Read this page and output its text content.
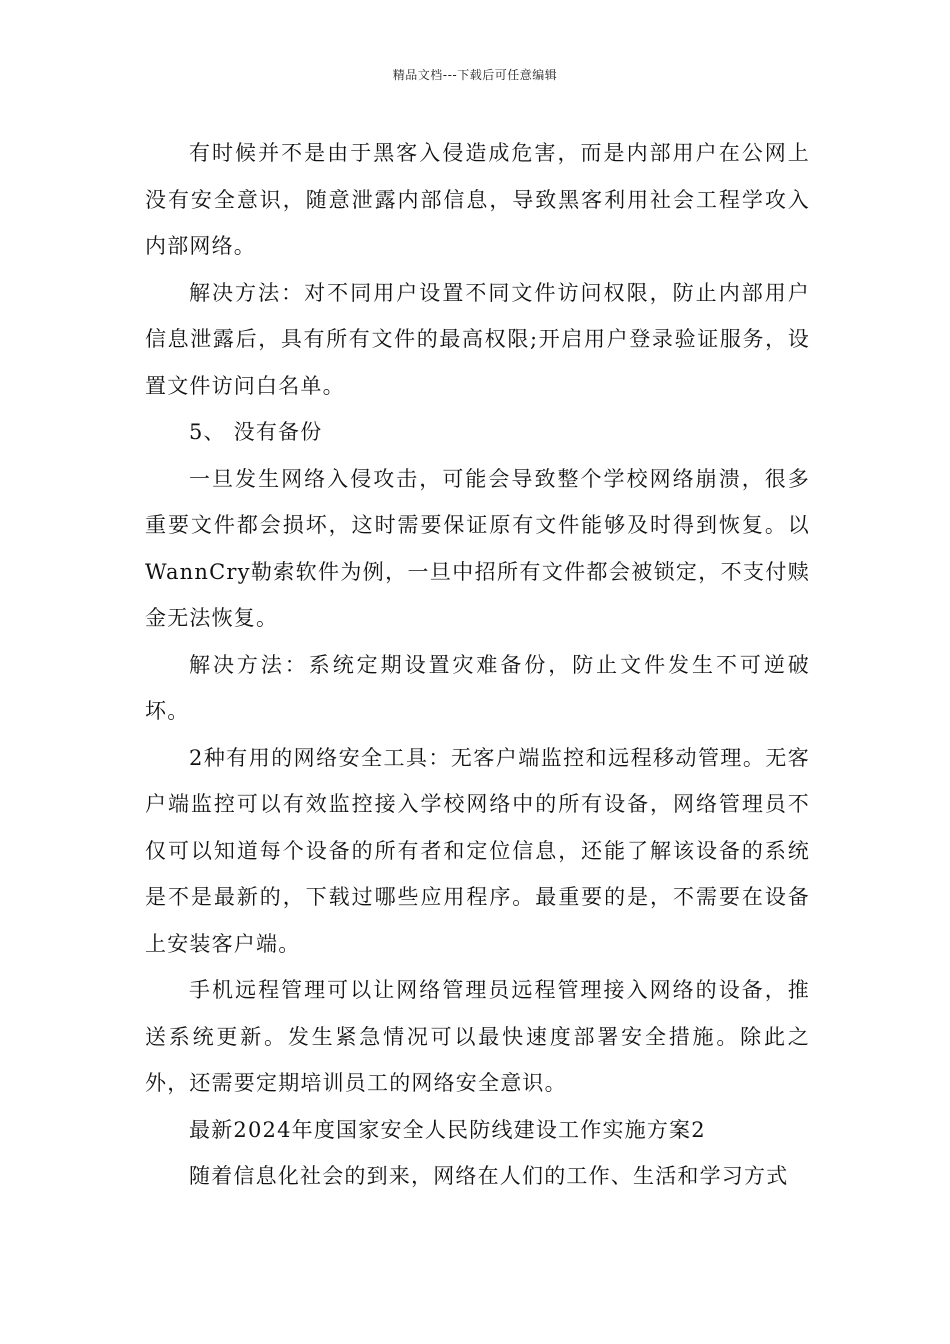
精品文档---下载后可任意编辑

有时候并不是由于黑客入侵造成危害，而是内部用户在公网上没有安全意识，随意泄露内部信息，导致黑客利用社会工程学攻入内部网络。

解决方法：对不同用户设置不同文件访问权限，防止内部用户信息泄露后，具有所有文件的最高权限;开启用户登录验证服务，设置文件访问白名单。

5、 没有备份

一旦发生网络入侵攻击，可能会导致整个学校网络崩溃，很多重要文件都会损坏，这时需要保证原有文件能够及时得到恢复。以WannCry勒索软件为例，一旦中招所有文件都会被锁定，不支付赎金无法恢复。

解决方法：系统定期设置灾难备份，防止文件发生不可逆破坏。

2种有用的网络安全工具：无客户端监控和远程移动管理。无客户端监控可以有效监控接入学校网络中的所有设备，网络管理员不仅可以知道每个设备的所有者和定位信息，还能了解该设备的系统是不是最新的，下载过哪些应用程序。最重要的是，不需要在设备上安装客户端。

手机远程管理可以让网络管理员远程管理接入网络的设备，推送系统更新。发生紧急情况可以最快速度部署安全措施。除此之外，还需要定期培训员工的网络安全意识。

最新2024年度国家安全人民防线建设工作实施方案2

随着信息化社会的到来，网络在人们的工作、生活和学习方式
